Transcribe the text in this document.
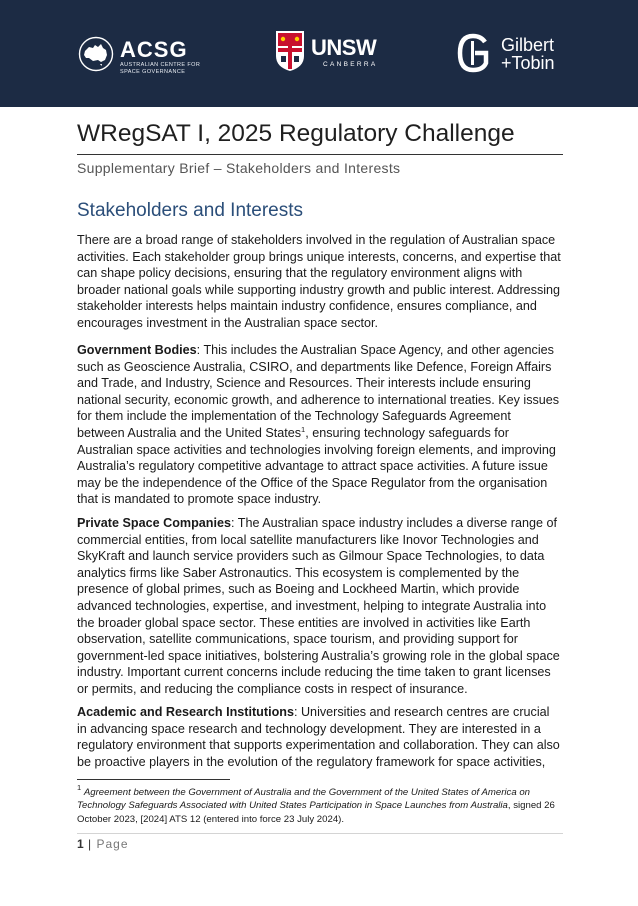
ACSG
AUSTRALIAN CENTRE FOR
SPACE GOVERNANCE
UNSW
CANBERRA
Gilbert
+Tobin
WRegSAT I, 2025 Regulatory Challenge
Supplementary Brief – Stakeholders and Interests
Stakeholders and Interests

There are a broad range of stakeholders involved in the regulation of Australian space activities. Each stakeholder group brings unique interests, concerns, and expertise that can shape policy decisions, ensuring that the regulatory environment aligns with broader national goals while supporting industry growth and public interest. Addressing stakeholder interests helps maintain industry confidence, ensures compliance, and encourages investment in the Australian space sector.

Government Bodies: This includes the Australian Space Agency, and other agencies such as Geoscience Australia, CSIRO, and departments like Defence, Foreign Affairs and Trade, and Industry, Science and Resources. Their interests include ensuring national security, economic growth, and adherence to international treaties. Key issues for them include the implementation of the Technology Safeguards Agreement between Australia and the United States$^1$, ensuring technology safeguards for Australian space activities and technologies involving foreign elements, and improving Australia’s regulatory competitive advantage to attract space activities. A future issue may be the independence of the Office of the Space Regulator from the organisation that is mandated to promote space industry.

Private Space Companies: The Australian space industry includes a diverse range of commercial entities, from local satellite manufacturers like Inovor Technologies and SkyKraft and launch service providers such as Gilmour Space Technologies, to data analytics firms like Saber Astronautics. This ecosystem is complemented by the presence of global primes, such as Boeing and Lockheed Martin, which provide advanced technologies, expertise, and investment, helping to integrate Australia into the broader global space sector. These entities are involved in activities like Earth observation, satellite communications, space tourism, and providing support for government-led space initiatives, bolstering Australia’s growing role in the global space industry. Important current concerns include reducing the time taken to grant licenses or permits, and reducing the compliance costs in respect of insurance.

Academic and Research Institutions: Universities and research centres are crucial in advancing space research and technology development. They are interested in a regulatory environment that supports experimentation and collaboration. They can also be proactive players in the evolution of the regulatory framework for space activities,

$^1$ Agreement between the Government of Australia and the Government of the United States of America on Technology Safeguards Associated with United States Participation in Space Launches from Australia, signed 26 October 2023, [2024] ATS 12 (entered into force 23 July 2024).
1 | Page
